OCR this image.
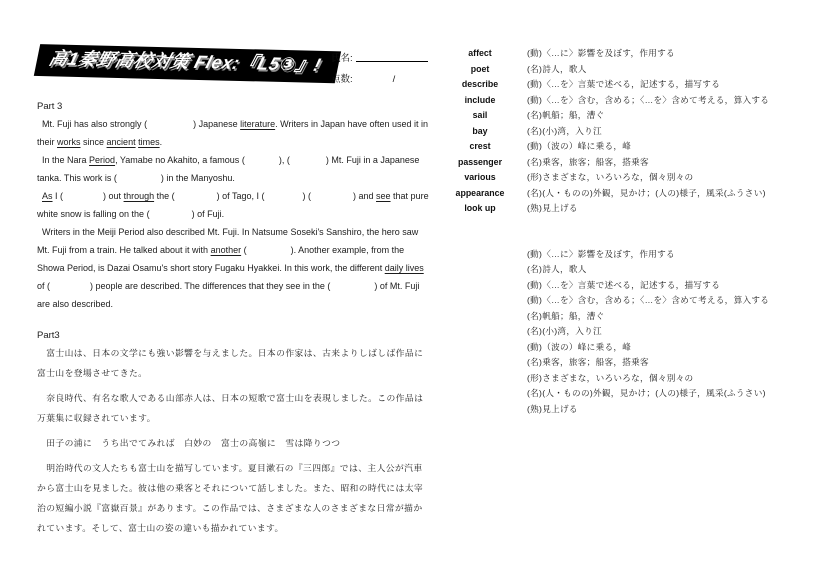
高1秦野高校対策 Flex:『L5③』! 氏名:
点数:	/
Part 3

Mt. Fuji has also strongly (	) Japanese literature. Writers in Japan have often used it in their works since ancient times.

In the Nara Period, Yamabe no Akahito, a famous (	), (	) Mt. Fuji in a Japanese tanka. This work is (	) in the Manyoshu.

As I (	) out through the (	) of Tago, I (	) (	) and see that pure white snow is falling on the (	) of Fuji.

Writers in the Meiji Period also described Mt. Fuji. In Natsume Soseki's Sanshiro, the hero saw Mt. Fuji from a train. He talked about it with another (	). Another example, from the Showa Period, is Dazai Osamu's short story Fugaku Hyakkei. In this work, the different daily lives of (	) people are described. The differences that they see in the (	) of Mt. Fuji are also described.

Part3

　富士山は、日本の文学にも強い影響を与えました。日本の作家は、古来よりしばしば作品に富士山を登場させてきた。

　奈良時代、有名な歌人である山部赤人は、日本の短歌で富士山を表現しました。この作品は万葉集に収録されています。

　田子の浦に　うち出でてみれば　白妙の　富士の高嶺に　雪は降りつつ

　明治時代の文人たちも富士山を描写しています。夏目漱石の『三四郎』では、主人公が汽車から富士山を見ました。彼は他の乗客とそれについて話しました。また、昭和の時代には太宰治の短編小説『富嶽百景』があります。この作品では、さまざまな人のさまざまな日常が描かれています。そして、富士山の姿の違いも描かれています。

affect	(動)〈…に〉影響を及ぼす，作用する
poet	(名)詩人，歌人
describe	(動)〈…を〉言葉で述べる，記述する，描写する
include	(動)〈…を〉含む，含める；〈…を〉含めて考える，算入する
sail	(名)帆船；船，漕ぐ
bay	(名)(小)湾，入り江
crest	(動)（波の）峰に乗る，峰
passenger	(名)乗客，旅客；船客，搭乗客
various	(形)さまざまな，いろいろな，個々別々の
appearance	(名)(人・ものの)外観，見かけ；(人の)様子，風采(ふうさい)
look up	(熟)見上げる
(動)〈…に〉影響を及ぼす，作用する
(名)詩人，歌人
(動)〈…を〉言葉で述べる，記述する，描写する
(動)〈…を〉含む，含める；〈…を〉含めて考える，算入する
(名)帆船；船，漕ぐ
(名)(小)湾，入り江
(動)（波の）峰に乗る，峰
(名)乗客，旅客；船客，搭乗客
(形)さまざまな，いろいろな，個々別々の
(名)(人・ものの)外観，見かけ；(人の)様子，風采(ふうさい)
(熟)見上げる
